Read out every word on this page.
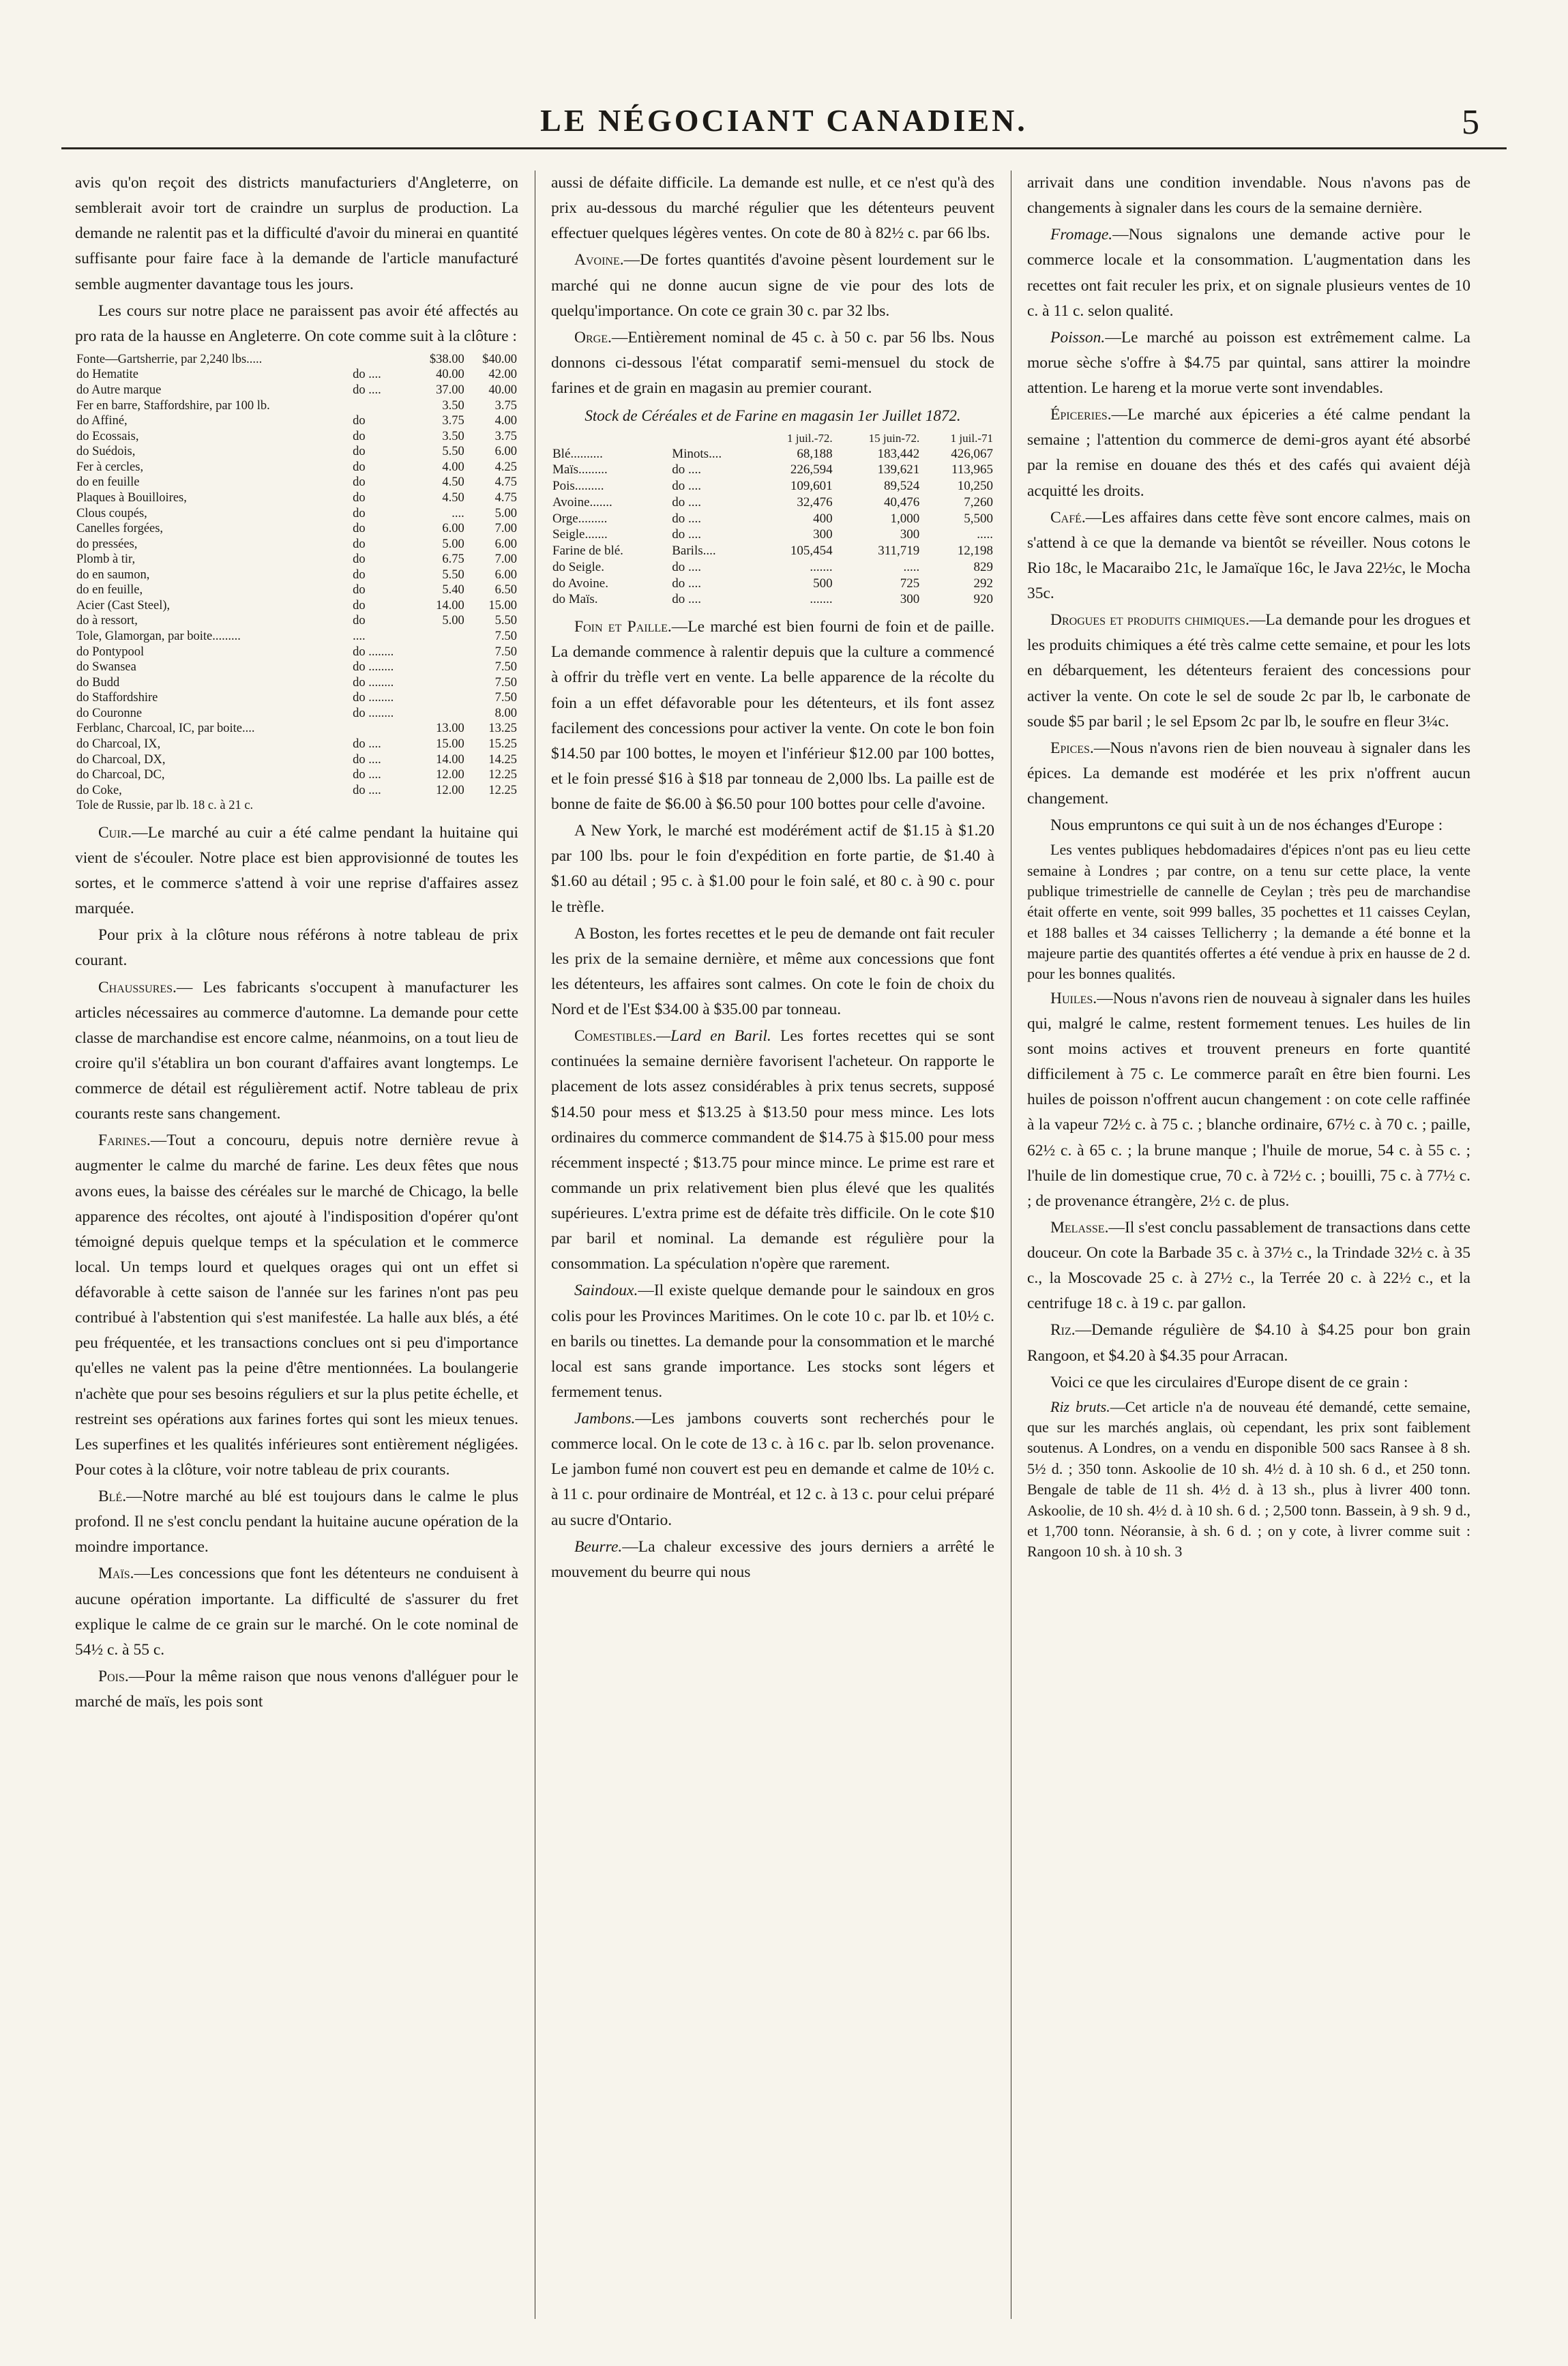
LE NÉGOCIANT CANADIEN.	5

avis qu'on reçoit des districts manufacturiers d'Angleterre, on semblerait avoir tort de craindre un surplus de production. La demande ne ralentit pas et la difficulté d'avoir du minerai en quantité suffisante pour faire face à la demande de l'article manufacturé semble augmenter davantage tous les jours.

Les cours sur notre place ne paraissent pas avoir été affectés au pro rata de la hausse en Angleterre. On cote comme suit à la clôture :

Fonte—Gartsherrie, par 2,240 lbs.....		$38.00	$40.00
do Hematite	do ....	40.00	42.00
do Autre marque	do ....	37.00	40.00
Fer en barre, Staffordshire, par 100 lb.		3.50	3.75
do Affiné,	do	3.75	4.00
do Ecossais,	do	3.50	3.75
do Suédois,	do	5.50	6.00
Fer à cercles,	do	4.00	4.25
do en feuille	do	4.50	4.75
Plaques à Bouilloires,	do	4.50	4.75
Clous coupés,	do	....	5.00
Canelles forgées,	do	6.00	7.00
do pressées,	do	5.00	6.00
Plomb à tir,	do	6.75	7.00
do en saumon,	do	5.50	6.00
do en feuille,	do	5.40	6.50
Acier (Cast Steel),	do	14.00	15.00
do à ressort,	do	5.00	5.50
Tole, Glamorgan, par boite.........	....		7.50
do Pontypool	do ........		7.50
do Swansea	do ........		7.50
do Budd	do ........		7.50
do Staffordshire	do ........		7.50
do Couronne	do ........		8.00
Ferblanc, Charcoal, IC, par boite....		13.00	13.25
do Charcoal, IX,	do ....	15.00	15.25
do Charcoal, DX,	do ....	14.00	14.25
do Charcoal, DC,	do ....	12.00	12.25
do Coke,	do ....	12.00	12.25
Tole de Russie, par lb. 18 c. à 21 c.			

Cuir.—Le marché au cuir a été calme pendant la huitaine qui vient de s'écouler. Notre place est bien approvisionné de toutes les sortes, et le commerce s'attend à voir une reprise d'affaires assez marquée.

Pour prix à la clôture nous référons à notre tableau de prix courant.

Chaussures.— Les fabricants s'occupent à manufacturer les articles nécessaires au commerce d'automne. La demande pour cette classe de marchandise est encore calme, néanmoins, on a tout lieu de croire qu'il s'établira un bon courant d'affaires avant longtemps. Le commerce de détail est régulièrement actif. Notre tableau de prix courants reste sans changement.

Farines.—Tout a concouru, depuis notre dernière revue à augmenter le calme du marché de farine. Les deux fêtes que nous avons eues, la baisse des céréales sur le marché de Chicago, la belle apparence des récoltes, ont ajouté à l'indisposition d'opérer qu'ont témoigné depuis quelque temps et la spéculation et le commerce local. Un temps lourd et quelques orages qui ont un effet si défavorable à cette saison de l'année sur les farines n'ont pas peu contribué à l'abstention qui s'est manifestée. La halle aux blés, a été peu fréquentée, et les transactions conclues ont si peu d'importance qu'elles ne valent pas la peine d'être mentionnées. La boulangerie n'achète que pour ses besoins réguliers et sur la plus petite échelle, et restreint ses opérations aux farines fortes qui sont les mieux tenues. Les superfines et les qualités inférieures sont entièrement négligées. Pour cotes à la clôture, voir notre tableau de prix courants.

Blé.—Notre marché au blé est toujours dans le calme le plus profond. Il ne s'est conclu pendant la huitaine aucune opération de la moindre importance.

Maïs.—Les concessions que font les détenteurs ne conduisent à aucune opération importante. La difficulté de s'assurer du fret explique le calme de ce grain sur le marché. On le cote nominal de 54½ c. à 55 c.

Pois.—Pour la même raison que nous venons d'alléguer pour le marché de maïs, les pois sont

aussi de défaite difficile. La demande est nulle, et ce n'est qu'à des prix au-dessous du marché régulier que les détenteurs peuvent effectuer quelques légères ventes. On cote de 80 à 82½ c. par 66 lbs.

Avoine.—De fortes quantités d'avoine pèsent lourdement sur le marché qui ne donne aucun signe de vie pour des lots de quelqu'importance. On cote ce grain 30 c. par 32 lbs.

Orge.—Entièrement nominal de 45 c. à 50 c. par 56 lbs. Nous donnons ci-dessous l'état comparatif semi-mensuel du stock de farines et de grain en magasin au premier courant.

Stock de Céréales et de Farine en magasin 1er Juillet 1872.
		1 juil.-72.	15 juin-72.	1 juil.-71
Blé..........	Minots....	68,188	183,442	426,067
Maïs.........	do ....	226,594	139,621	113,965
Pois.........	do ....	109,601	89,524	10,250
Avoine.......	do ....	32,476	40,476	7,260
Orge.........	do ....	400	1,000	5,500
Seigle.......	do ....	300	300	.....
Farine de blé.	Barils....	105,454	311,719	12,198
do Seigle.	do ....	.......	.....	829
do Avoine.	do ....	500	725	292
do Maïs.	do ....	.......	300	920

Foin et Paille.—Le marché est bien fourni de foin et de paille. La demande commence à ralentir depuis que la culture a commencé à offrir du trèfle vert en vente. La belle apparence de la récolte du foin a un effet défavorable pour les détenteurs, et ils font assez facilement des concessions pour activer la vente. On cote le bon foin $14.50 par 100 bottes, le moyen et l'inférieur $12.00 par 100 bottes, et le foin pressé $16 à $18 par tonneau de 2,000 lbs. La paille est de bonne de faite de $6.00 à $6.50 pour 100 bottes pour celle d'avoine.

A New York, le marché est modérément actif de $1.15 à $1.20 par 100 lbs. pour le foin d'expédition en forte partie, de $1.40 à $1.60 au détail ; 95 c. à $1.00 pour le foin salé, et 80 c. à 90 c. pour le trèfle.

A Boston, les fortes recettes et le peu de demande ont fait reculer les prix de la semaine dernière, et même aux concessions que font les détenteurs, les affaires sont calmes. On cote le foin de choix du Nord et de l'Est $34.00 à $35.00 par tonneau.

Comestibles.—Lard en Baril. Les fortes recettes qui se sont continuées la semaine dernière favorisent l'acheteur. On rapporte le placement de lots assez considérables à prix tenus secrets, supposé $14.50 pour mess et $13.25 à $13.50 pour mess mince. Les lots ordinaires du commerce commandent de $14.75 à $15.00 pour mess récemment inspecté ; $13.75 pour mince mince. Le prime est rare et commande un prix relativement bien plus élevé que les qualités supérieures. L'extra prime est de défaite très difficile. On le cote $10 par baril et nominal. La demande est régulière pour la consommation. La spéculation n'opère que rarement.

Saindoux.—Il existe quelque demande pour le saindoux en gros colis pour les Provinces Maritimes. On le cote 10 c. par lb. et 10½ c. en barils ou tinettes. La demande pour la consommation et le marché local est sans grande importance. Les stocks sont légers et fermement tenus.

Jambons.—Les jambons couverts sont recherchés pour le commerce local. On le cote de 13 c. à 16 c. par lb. selon provenance. Le jambon fumé non couvert est peu en demande et calme de 10½ c. à 11 c. pour ordinaire de Montréal, et 12 c. à 13 c. pour celui préparé au sucre d'Ontario.

Beurre.—La chaleur excessive des jours derniers a arrêté le mouvement du beurre qui nous

arrivait dans une condition invendable. Nous n'avons pas de changements à signaler dans les cours de la semaine dernière.

Fromage.—Nous signalons une demande active pour le commerce locale et la consommation. L'augmentation dans les recettes ont fait reculer les prix, et on signale plusieurs ventes de 10 c. à 11 c. selon qualité.

Poisson.—Le marché au poisson est extrêmement calme. La morue sèche s'offre à $4.75 par quintal, sans attirer la moindre attention. Le hareng et la morue verte sont invendables.

Épiceries.—Le marché aux épiceries a été calme pendant la semaine ; l'attention du commerce de demi-gros ayant été absorbé par la remise en douane des thés et des cafés qui avaient déjà acquitté les droits.

Café.—Les affaires dans cette fève sont encore calmes, mais on s'attend à ce que la demande va bientôt se réveiller. Nous cotons le Rio 18c, le Macaraibo 21c, le Jamaïque 16c, le Java 22½c, le Mocha 35c.

Drogues et produits chimiques.—La demande pour les drogues et les produits chimiques a été très calme cette semaine, et pour les lots en débarquement, les détenteurs feraient des concessions pour activer la vente. On cote le sel de soude 2c par lb, le carbonate de soude $5 par baril ; le sel Epsom 2c par lb, le soufre en fleur 3¼c.

Epices.—Nous n'avons rien de bien nouveau à signaler dans les épices. La demande est modérée et les prix n'offrent aucun changement.

Nous empruntons ce qui suit à un de nos échanges d'Europe :

Les ventes publiques hebdomadaires d'épices n'ont pas eu lieu cette semaine à Londres ; par contre, on a tenu sur cette place, la vente publique trimestrielle de cannelle de Ceylan ; très peu de marchandise était offerte en vente, soit 999 balles, 35 pochettes et 11 caisses Ceylan, et 188 balles et 34 caisses Tellicherry ; la demande a été bonne et la majeure partie des quantités offertes a été vendue à prix en hausse de 2 d. pour les bonnes qualités.

Huiles.—Nous n'avons rien de nouveau à signaler dans les huiles qui, malgré le calme, restent formement tenues. Les huiles de lin sont moins actives et trouvent preneurs en forte quantité difficilement à 75 c. Le commerce paraît en être bien fourni. Les huiles de poisson n'offrent aucun changement : on cote celle raffinée à la vapeur 72½ c. à 75 c. ; blanche ordinaire, 67½ c. à 70 c. ; paille, 62½ c. à 65 c. ; la brune manque ; l'huile de morue, 54 c. à 55 c. ; l'huile de lin domestique crue, 70 c. à 72½ c. ; bouilli, 75 c. à 77½ c. ; de provenance étrangère, 2½ c. de plus.

Melasse.—Il s'est conclu passablement de transactions dans cette douceur. On cote la Barbade 35 c. à 37½ c., la Trindade 32½ c. à 35 c., la Moscovade 25 c. à 27½ c., la Terrée 20 c. à 22½ c., et la centrifuge 18 c. à 19 c. par gallon.

Riz.—Demande régulière de $4.10 à $4.25 pour bon grain Rangoon, et $4.20 à $4.35 pour Arracan.

Voici ce que les circulaires d'Europe disent de ce grain :

Riz bruts.—Cet article n'a de nouveau été demandé, cette semaine, que sur les marchés anglais, où cependant, les prix sont faiblement soutenus. A Londres, on a vendu en disponible 500 sacs Ransee à 8 sh. 5½ d. ; 350 tonn. Askoolie de 10 sh. 4½ d. à 10 sh. 6 d., et 250 tonn. Bengale de table de 11 sh. 4½ d. à 13 sh., plus à livrer 400 tonn. Askoolie, de 10 sh. 4½ d. à 10 sh. 6 d. ; 2,500 tonn. Bassein, à 9 sh. 9 d., et 1,700 tonn. Néoransie, à sh. 6 d. ; on y cote, à livrer comme suit : Rangoon 10 sh. à 10 sh. 3
